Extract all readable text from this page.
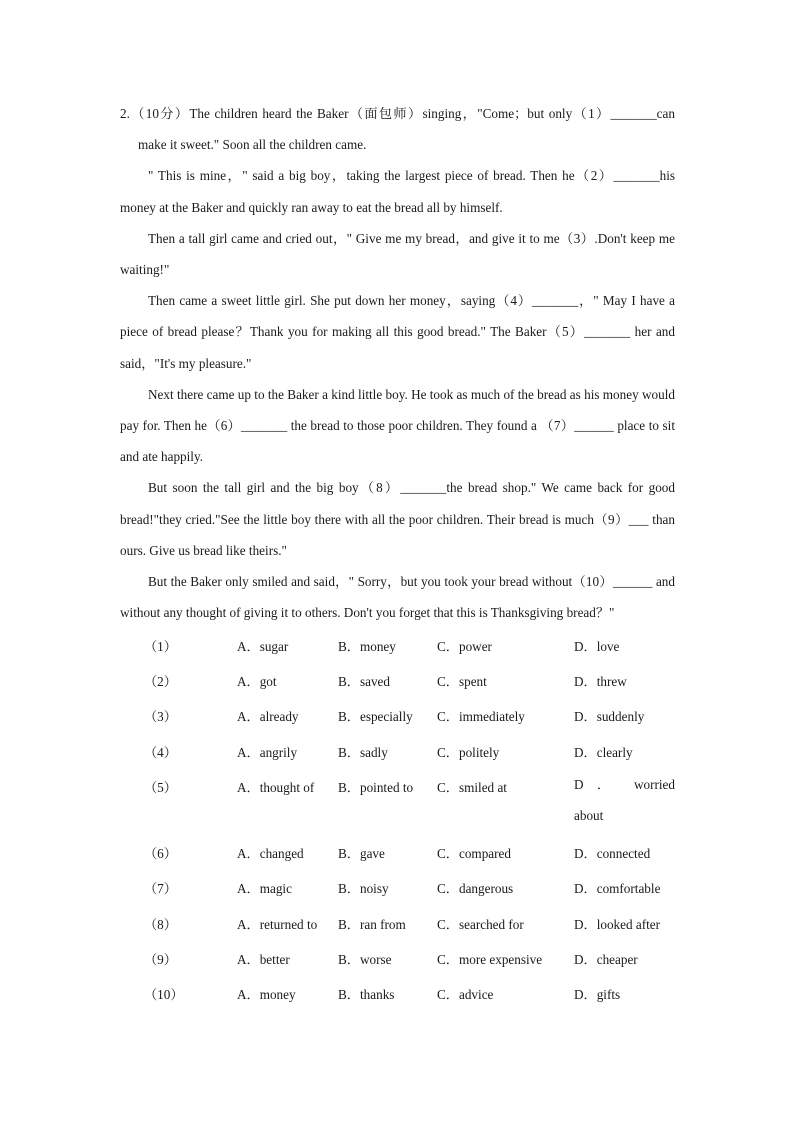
2.（10分）The children heard the Baker（面包师）singing，"Come；but only（1）_______can make it sweet." Soon all the children came.

" This is mine，" said a big boy，taking the largest piece of bread. Then he（2）_______his money at the Baker and quickly ran away to eat the bread all by himself.

Then a tall girl came and cried out，" Give me my bread，and give it to me（3）.Don't keep me waiting!"

Then came a sweet little girl. She put down her money，saying（4）_______，" May I have a piece of bread please？Thank you for making all this good bread." The Baker（5）_______ her and said，"It's my pleasure."

Next there came up to the Baker a kind little boy. He took as much of the bread as his money would pay for. Then he（6）_______ the bread to those poor children. They found a （7）______ place to sit and ate happily.

But soon the tall girl and the big boy（8）_______the bread shop." We came back for good bread!"they cried."See the little boy there with all the poor children. Their bread is much（9）___ than ours. Give us bread like theirs."

But the Baker only smiled and said，" Sorry，but you took your bread without（10）______ and without any thought of giving it to others. Don't you forget that this is Thanksgiving bread？"

（1）	A．sugar	B．money	C．power	D．love
（2）	A．got	B．saved	C．spent	D．threw
（3）	A．already	B．especially C．immediately	D．suddenly
（4）	A．angrily	B．sadly	C．politely	D．clearly
（5）	A．thought of B．pointed to C．smiled at	D ． worried
about
（6）	A．changed	B．gave	C．compared	D．connected
（7）	A．magic	B．noisy	C．dangerous	D．comfortable
（8）	A．returned to B．ran from C．searched for	D．looked after
（9）	A．better	B．worse	C．more expensive D．cheaper
（10）	A．money	B．thanks	C．advice	D．gifts
